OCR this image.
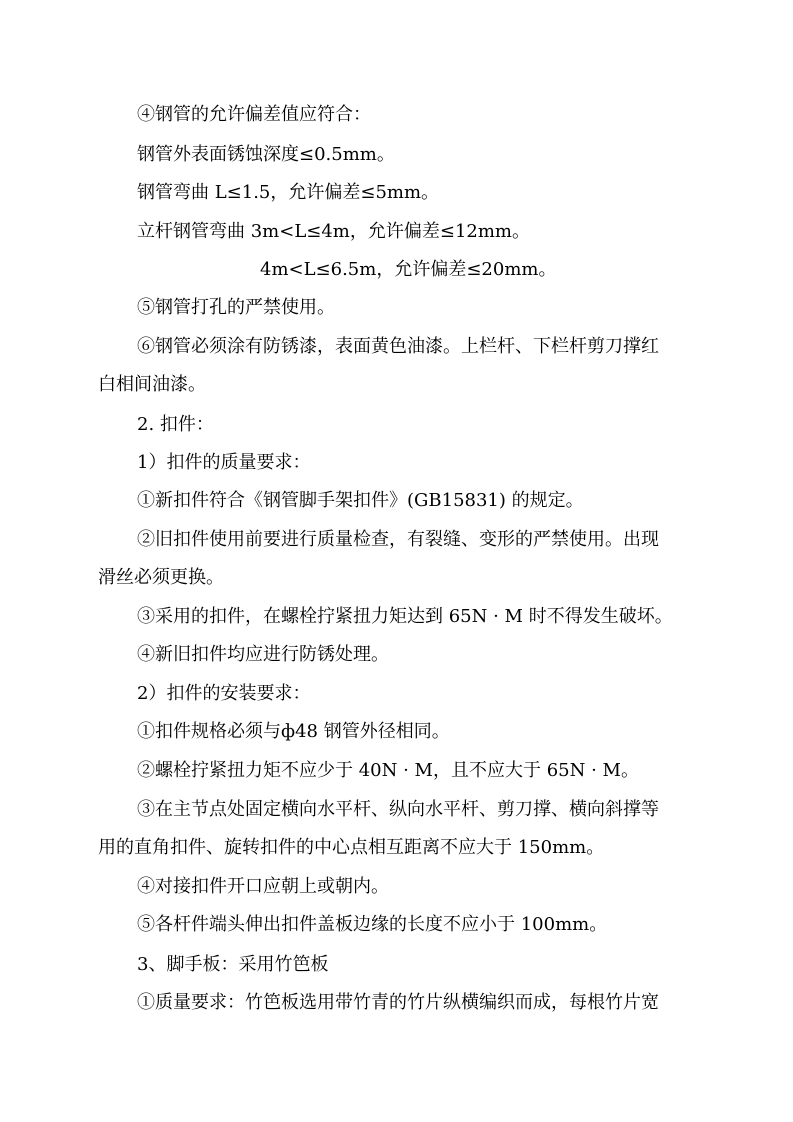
④钢管的允许偏差值应符合：
钢管外表面锈蚀深度≤0.5mm。
钢管弯曲 L≤1.5，允许偏差≤5mm。
立杆钢管弯曲 3m<L≤4m，允许偏差≤12mm。
4m<L≤6.5m，允许偏差≤20mm。
⑤钢管打孔的严禁使用。
⑥钢管必须涂有防锈漆，表面黄色油漆。上栏杆、下栏杆剪刀撑红
白相间油漆。
2. 扣件：
1）扣件的质量要求：
①新扣件符合《钢管脚手架扣件》(GB15831) 的规定。
②旧扣件使用前要进行质量检查，有裂缝、变形的严禁使用。出现
滑丝必须更换。
③采用的扣件，在螺栓拧紧扭力矩达到 65N · M 时不得发生破坏。
④新旧扣件均应进行防锈处理。
2）扣件的安装要求：
①扣件规格必须与ф48 钢管外径相同。
②螺栓拧紧扭力矩不应少于 40N · M，且不应大于 65N · M。
③在主节点处固定横向水平杆、纵向水平杆、剪刀撑、横向斜撑等
用的直角扣件、旋转扣件的中心点相互距离不应大于 150mm。
④对接扣件开口应朝上或朝内。
⑤各杆件端头伸出扣件盖板边缘的长度不应小于 100mm。
3、脚手板：采用竹笆板
①质量要求：竹笆板选用带竹青的竹片纵横编织而成，每根竹片宽
